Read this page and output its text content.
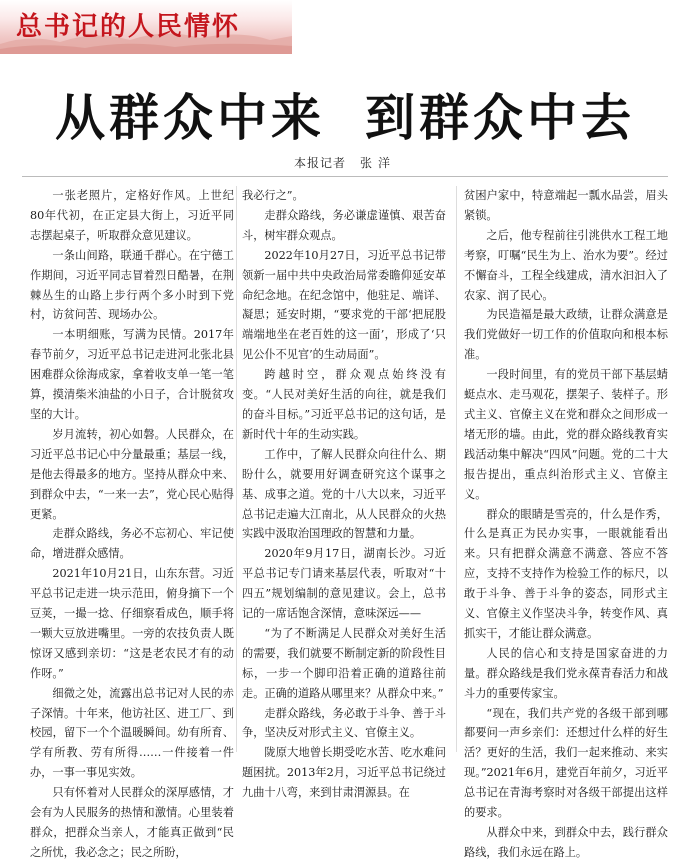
总书记的人民情怀
从群众中来 到群众中去
本报记者 张洋

一张老照片，定格好作风。上世纪80年代初，在正定县大街上，习近平同志摆起桌子，听取群众意见建议。

一条山间路，联通千群心。在宁德工作期间，习近平同志冒着烈日酷暑，在荆棘丛生的山路上步行两个多小时到下党村，访贫问苦、现场办公。

一本明细账，写满为民情。2017年春节前夕，习近平总书记走进河北张北县困难群众徐海成家，拿着收支单一笔一笔算，摸清柴米油盐的小日子，合计脱贫攻坚的大计。

岁月流转，初心如磐。人民群众，在习近平总书记心中分量最重；基层一线，是他去得最多的地方。坚持从群众中来、到群众中去，“一来一去”，党心民心贴得更紧。

走群众路线，务必不忘初心、牢记使命，增进群众感情。

2021年10月21日，山东东营。习近平总书记走进一块示范田，俯身摘下一个豆荚，一撮一捻、仔细察看成色，顺手将一颗大豆放进嘴里。一旁的农技负责人既惊讶又感到亲切：“这是老农民才有的动作呀。”

细微之处，流露出总书记对人民的赤子深情。十年来，他访社区、进工厂、到校园，留下一个个温暖瞬间。幼有所育、学有所教、劳有所得……一件接着一件办，一事一事见实效。

只有怀着对人民群众的深厚感情，才会有为人民服务的热情和激情。心里装着群众，把群众当亲人，才能真正做到“民之所忧，我必念之；民之所盼，

我必行之”。

走群众路线，务必谦虚谨慎、艰苦奋斗，树牢群众观点。

2022年10月27日，习近平总书记带领新一届中共中央政治局常委瞻仰延安革命纪念地。在纪念馆中，他驻足、端详、凝思；延安时期，“要求党的干部‘把屁股端端地坐在老百姓的这一面’，形成了‘只见公仆不见官’的生动局面”。

跨越时空，群众观点始终没有变。“人民对美好生活的向往，就是我们的奋斗目标。”习近平总书记的这句话，是新时代十年的生动实践。

工作中，了解人民群众向往什么、期盼什么，就要用好调查研究这个谋事之基、成事之道。党的十八大以来，习近平总书记走遍大江南北，从人民群众的火热实践中汲取治国理政的智慧和力量。

2020年9月17日，湖南长沙。习近平总书记专门请来基层代表，听取对“十四五”规划编制的意见建议。会上，总书记的一席话饱含深情，意味深远——

“为了不断满足人民群众对美好生活的需要，我们就要不断制定新的阶段性目标，一步一个脚印沿着正确的道路往前走。正确的道路从哪里来？从群众中来。”

走群众路线，务必敢于斗争、善于斗争，坚决反对形式主义、官僚主义。

陇原大地曾长期受吃水苦、吃水难问题困扰。2013年2月，习近平总书记绕过九曲十八弯，来到甘肃渭源县。在

贫困户家中，特意端起一瓢水品尝，眉头紧锁。

之后，他专程前往引洮供水工程工地考察，叮嘱“民生为上、治水为要”。经过不懈奋斗，工程全线建成，清水汩汩入了农家、润了民心。

为民造福是最大政绩，让群众满意是我们党做好一切工作的价值取向和根本标准。

一段时间里，有的党员干部下基层蜻蜓点水、走马观花，摆架子、装样子。形式主义、官僚主义在党和群众之间形成一堵无形的墙。由此，党的群众路线教育实践活动集中解决“四风”问题。党的二十大报告提出，重点纠治形式主义、官僚主义。

群众的眼睛是雪亮的，什么是作秀，什么是真正为民办实事，一眼就能看出来。只有把群众满意不满意、答应不答应，支持不支持作为检验工作的标尺，以敢于斗争、善于斗争的姿态，同形式主义、官僚主义作坚决斗争，转变作风、真抓实干，才能让群众满意。

人民的信心和支持是国家奋进的力量。群众路线是我们党永葆青春活力和战斗力的重要传家宝。

“现在，我们共产党的各级干部到哪都要问一声乡亲们：还想过什么样的好生活？更好的生活，我们一起来推动、来实现。”2021年6月，建党百年前夕，习近平总书记在青海考察时对各级干部提出这样的要求。

从群众中来，到群众中去，践行群众路线，我们永远在路上。
